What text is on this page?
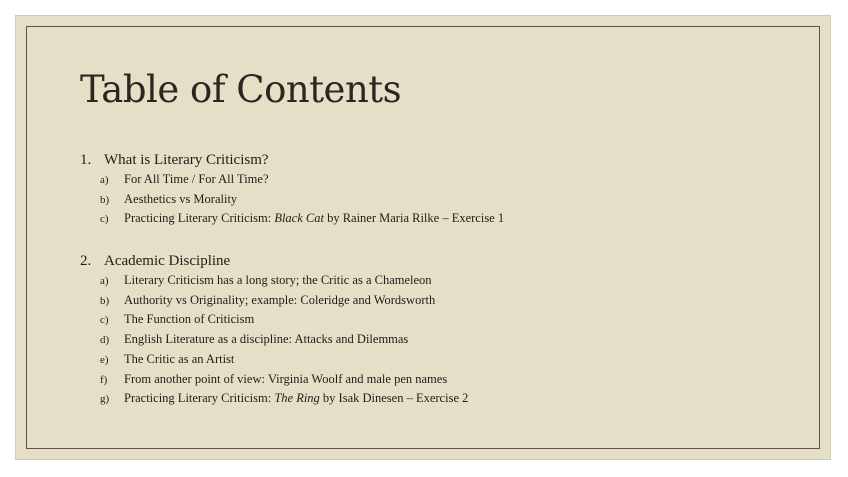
Table of Contents
1. What is Literary Criticism?
a) For All Time / For All Time?
b) Aesthetics vs Morality
c) Practicing Literary Criticism: Black Cat by Rainer Maria Rilke – Exercise 1
2. Academic Discipline
a) Literary Criticism has a long story; the Critic as a Chameleon
b) Authority vs Originality; example: Coleridge and Wordsworth
c) The Function of Criticism
d) English Literature as a discipline: Attacks and Dilemmas
e) The Critic as an Artist
f) From another point of view: Virginia Woolf and male pen names
g) Practicing Literary Criticism: The Ring by Isak Dinesen – Exercise 2
